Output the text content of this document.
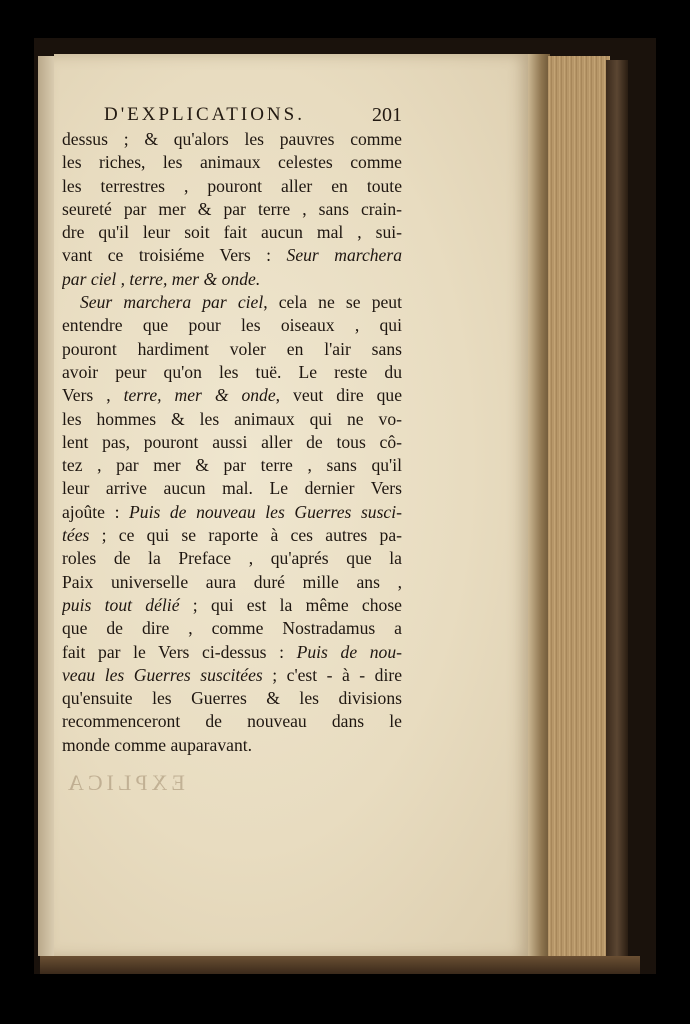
EXPLICA
D'EXPLICATIONS.	201
dessus ; & qu'alors les pauvres comme
les riches, les animaux celestes comme
les terrestres , pouront aller en toute
seureté par mer & par terre , sans crain-
dre qu'il leur soit fait aucun mal , sui-
vant ce troisiéme Vers : Seur marchera
par ciel , terre, mer & onde.
Seur marchera par ciel, cela ne se peut
entendre que pour les oiseaux , qui
pouront hardiment voler en l'air sans
avoir peur qu'on les tuë. Le reste du
Vers , terre, mer & onde, veut dire que
les hommes & les animaux qui ne vo-
lent pas, pouront aussi aller de tous cô-
tez , par mer & par terre , sans qu'il
leur arrive aucun mal. Le dernier Vers
ajoûte : Puis de nouveau les Guerres susci-
tées ; ce qui se raporte à ces autres pa-
roles de la Preface , qu'aprés que la
Paix universelle aura duré mille ans ,
puis tout délié ; qui est la même chose
que de dire , comme Nostradamus a
fait par le Vers ci-dessus : Puis de nou-
veau les Guerres suscitées ; c'est - à - dire
qu'ensuite les Guerres & les divisions
recommenceront de nouveau dans le
monde comme auparavant.
